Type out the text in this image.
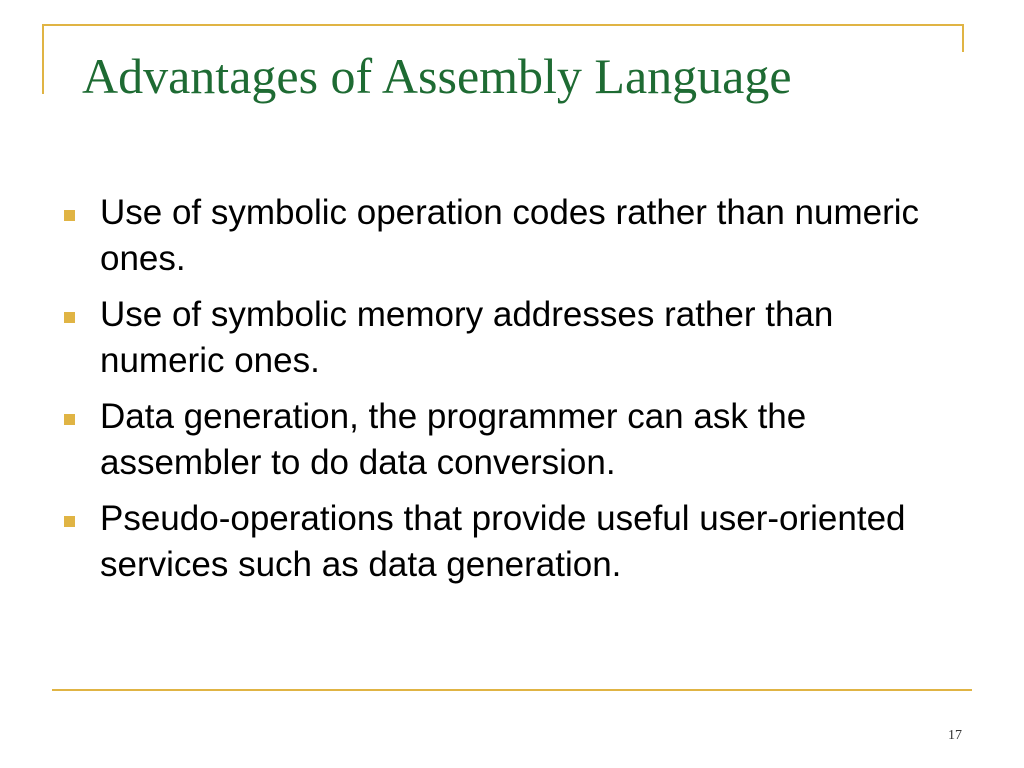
Advantages of Assembly Language
Use of symbolic operation codes rather than numeric ones.
Use of symbolic memory addresses rather than numeric ones.
Data generation, the programmer can ask the assembler to do data conversion.
Pseudo-operations that provide useful user-oriented services such as data generation.
17
